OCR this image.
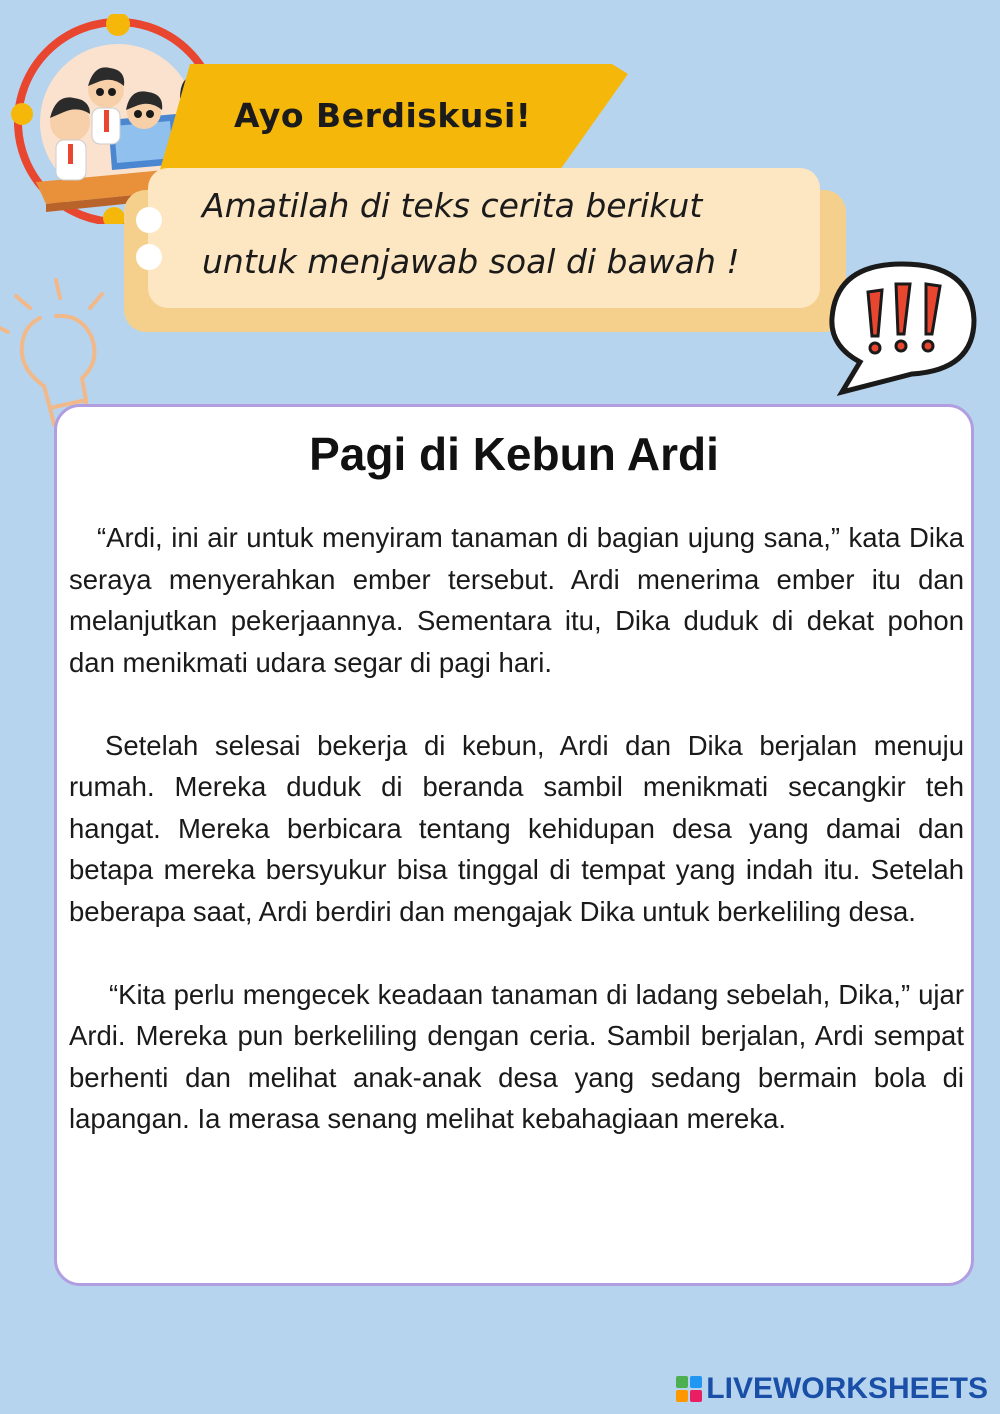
Ayo Berdiskusi!
Amatilah di teks cerita berikut
untuk menjawab soal di bawah !
Pagi di Kebun Ardi

“Ardi, ini air untuk menyiram tanaman di bagian ujung sana,” kata Dika seraya menyerahkan ember tersebut. Ardi menerima ember itu dan melanjutkan pekerjaannya. Sementara itu, Dika duduk di dekat pohon dan menikmati udara segar di pagi hari.

Setelah selesai bekerja di kebun, Ardi dan Dika berjalan menuju rumah. Mereka duduk di beranda sambil menikmati secangkir teh hangat. Mereka berbicara tentang kehidupan desa yang damai dan betapa mereka bersyukur bisa tinggal di tempat yang indah itu. Setelah beberapa saat, Ardi berdiri dan mengajak Dika untuk berkeliling desa.

“Kita perlu mengecek keadaan tanaman di ladang sebelah, Dika,” ujar Ardi. Mereka pun berkeliling dengan ceria. Sambil berjalan, Ardi sempat berhenti dan melihat anak-anak desa yang sedang bermain bola di lapangan. Ia merasa senang melihat kebahagiaan mereka.

LIVEWORKSHEETS
